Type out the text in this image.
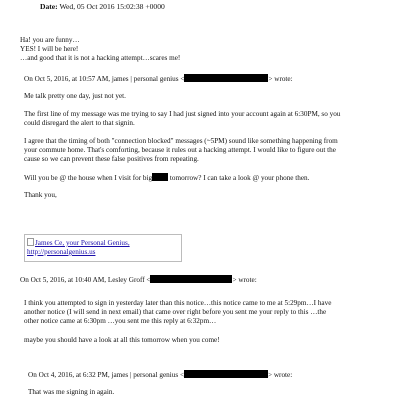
Date: Wed, 05 Oct 2016 15:02:38 +0000
Ha! you are funny…
YES! I will be here!
…and good that it is not a hacking attempt…scares me!
On Oct 5, 2016, at 10:57 AM, james | personal genius <	> wrote:
Me talk pretty one day, just not yet.
The first line of my message was me trying to say I had just signed into your account again at 6:30PM, so you
could disregard the alert to that signin.
I agree that the timing of both "connection blocked" messages (~5PM) sound like something happening from
your commute home. That's comforting, because it rules out a hacking attempt. I would like to figure out the
cause so we can prevent these false positives from repeating.
Will you be @ the house when I visit for big tomorrow? I can take a look @ your phone then.
Thank you,
James Ce, your Personal Genius,
http://personalgenius.us
On Oct 5, 2016, at 10:40 AM, Lesley Groff <	> wrote:
I think you attempted to sign in yesterday later than this notice…this notice came to me at 5:29pm…I have
another notice (I will send in next email) that came over right before you sent me your reply to this …the
other notice came at 6:30pm …you sent me this reply at 6:32pm…
maybe you should have a look at all this tomorrow when you come!
On Oct 4, 2016, at 6:32 PM, james | personal genius <	> wrote:
That was me signing in again.
